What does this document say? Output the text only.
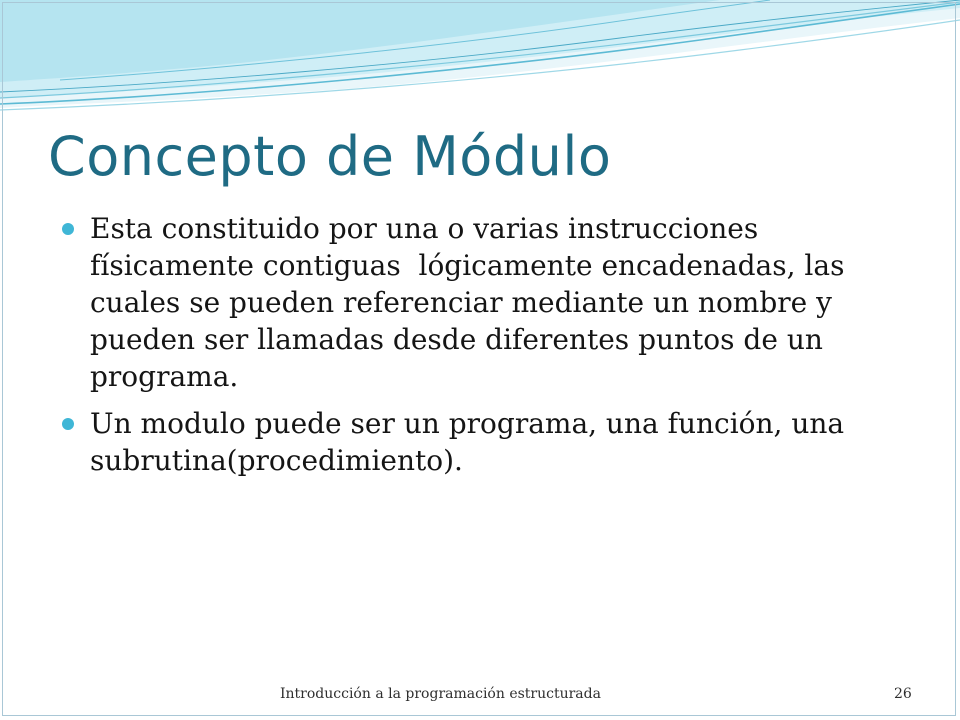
Concepto de Módulo
Esta constituido por una o varias instrucciones
físicamente contiguas  lógicamente encadenadas, las
cuales se pueden referenciar mediante un nombre y
pueden ser llamadas desde diferentes puntos de un
programa.
Un modulo puede ser un programa, una función, una
subrutina(procedimiento).
Introducción a la programación estructurada	26
